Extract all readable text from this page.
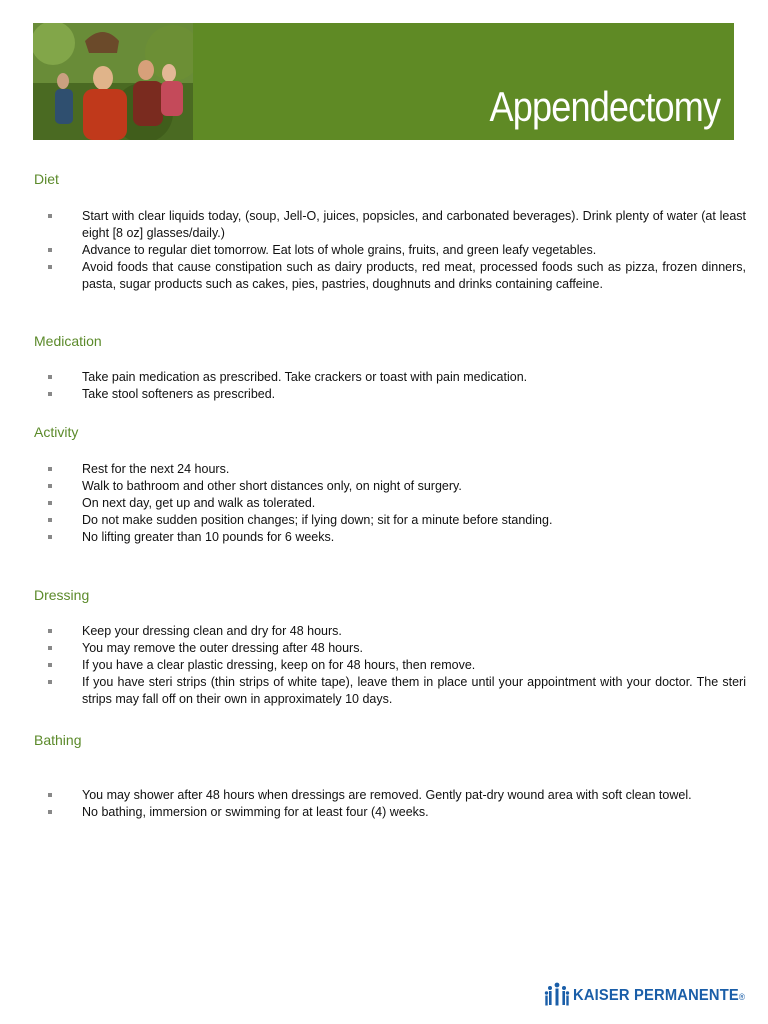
Appendectomy
Diet
Start with clear liquids today, (soup, Jell-O, juices, popsicles, and carbonated beverages). Drink plenty of water (at least eight [8 oz] glasses/daily.)
Advance to regular diet tomorrow. Eat lots of whole grains, fruits, and green leafy vegetables.
Avoid foods that cause constipation such as dairy products, red meat, processed foods such as pizza, frozen dinners, pasta, sugar products such as cakes, pies, pastries, doughnuts and drinks containing caffeine.
Medication
Take pain medication as prescribed. Take crackers or toast with pain medication.
Take stool softeners as prescribed.
Activity
Rest for the next 24 hours.
Walk to bathroom and other short distances only, on night of surgery.
On next day, get up and walk as tolerated.
Do not make sudden position changes; if lying down; sit for a minute before standing.
No lifting greater than 10 pounds for 6 weeks.
Dressing
Keep your dressing clean and dry for 48 hours.
You may remove the outer dressing after 48 hours.
If you have a clear plastic dressing, keep on for 48 hours, then remove.
If you have steri strips (thin strips of white tape), leave them in place until your appointment with your doctor. The steri strips may fall off on their own in approximately 10 days.
Bathing
You may shower after 48 hours when dressings are removed. Gently pat-dry wound area with soft clean towel.
No bathing, immersion or swimming for at least four (4) weeks.
KAISER PERMANENTE®
